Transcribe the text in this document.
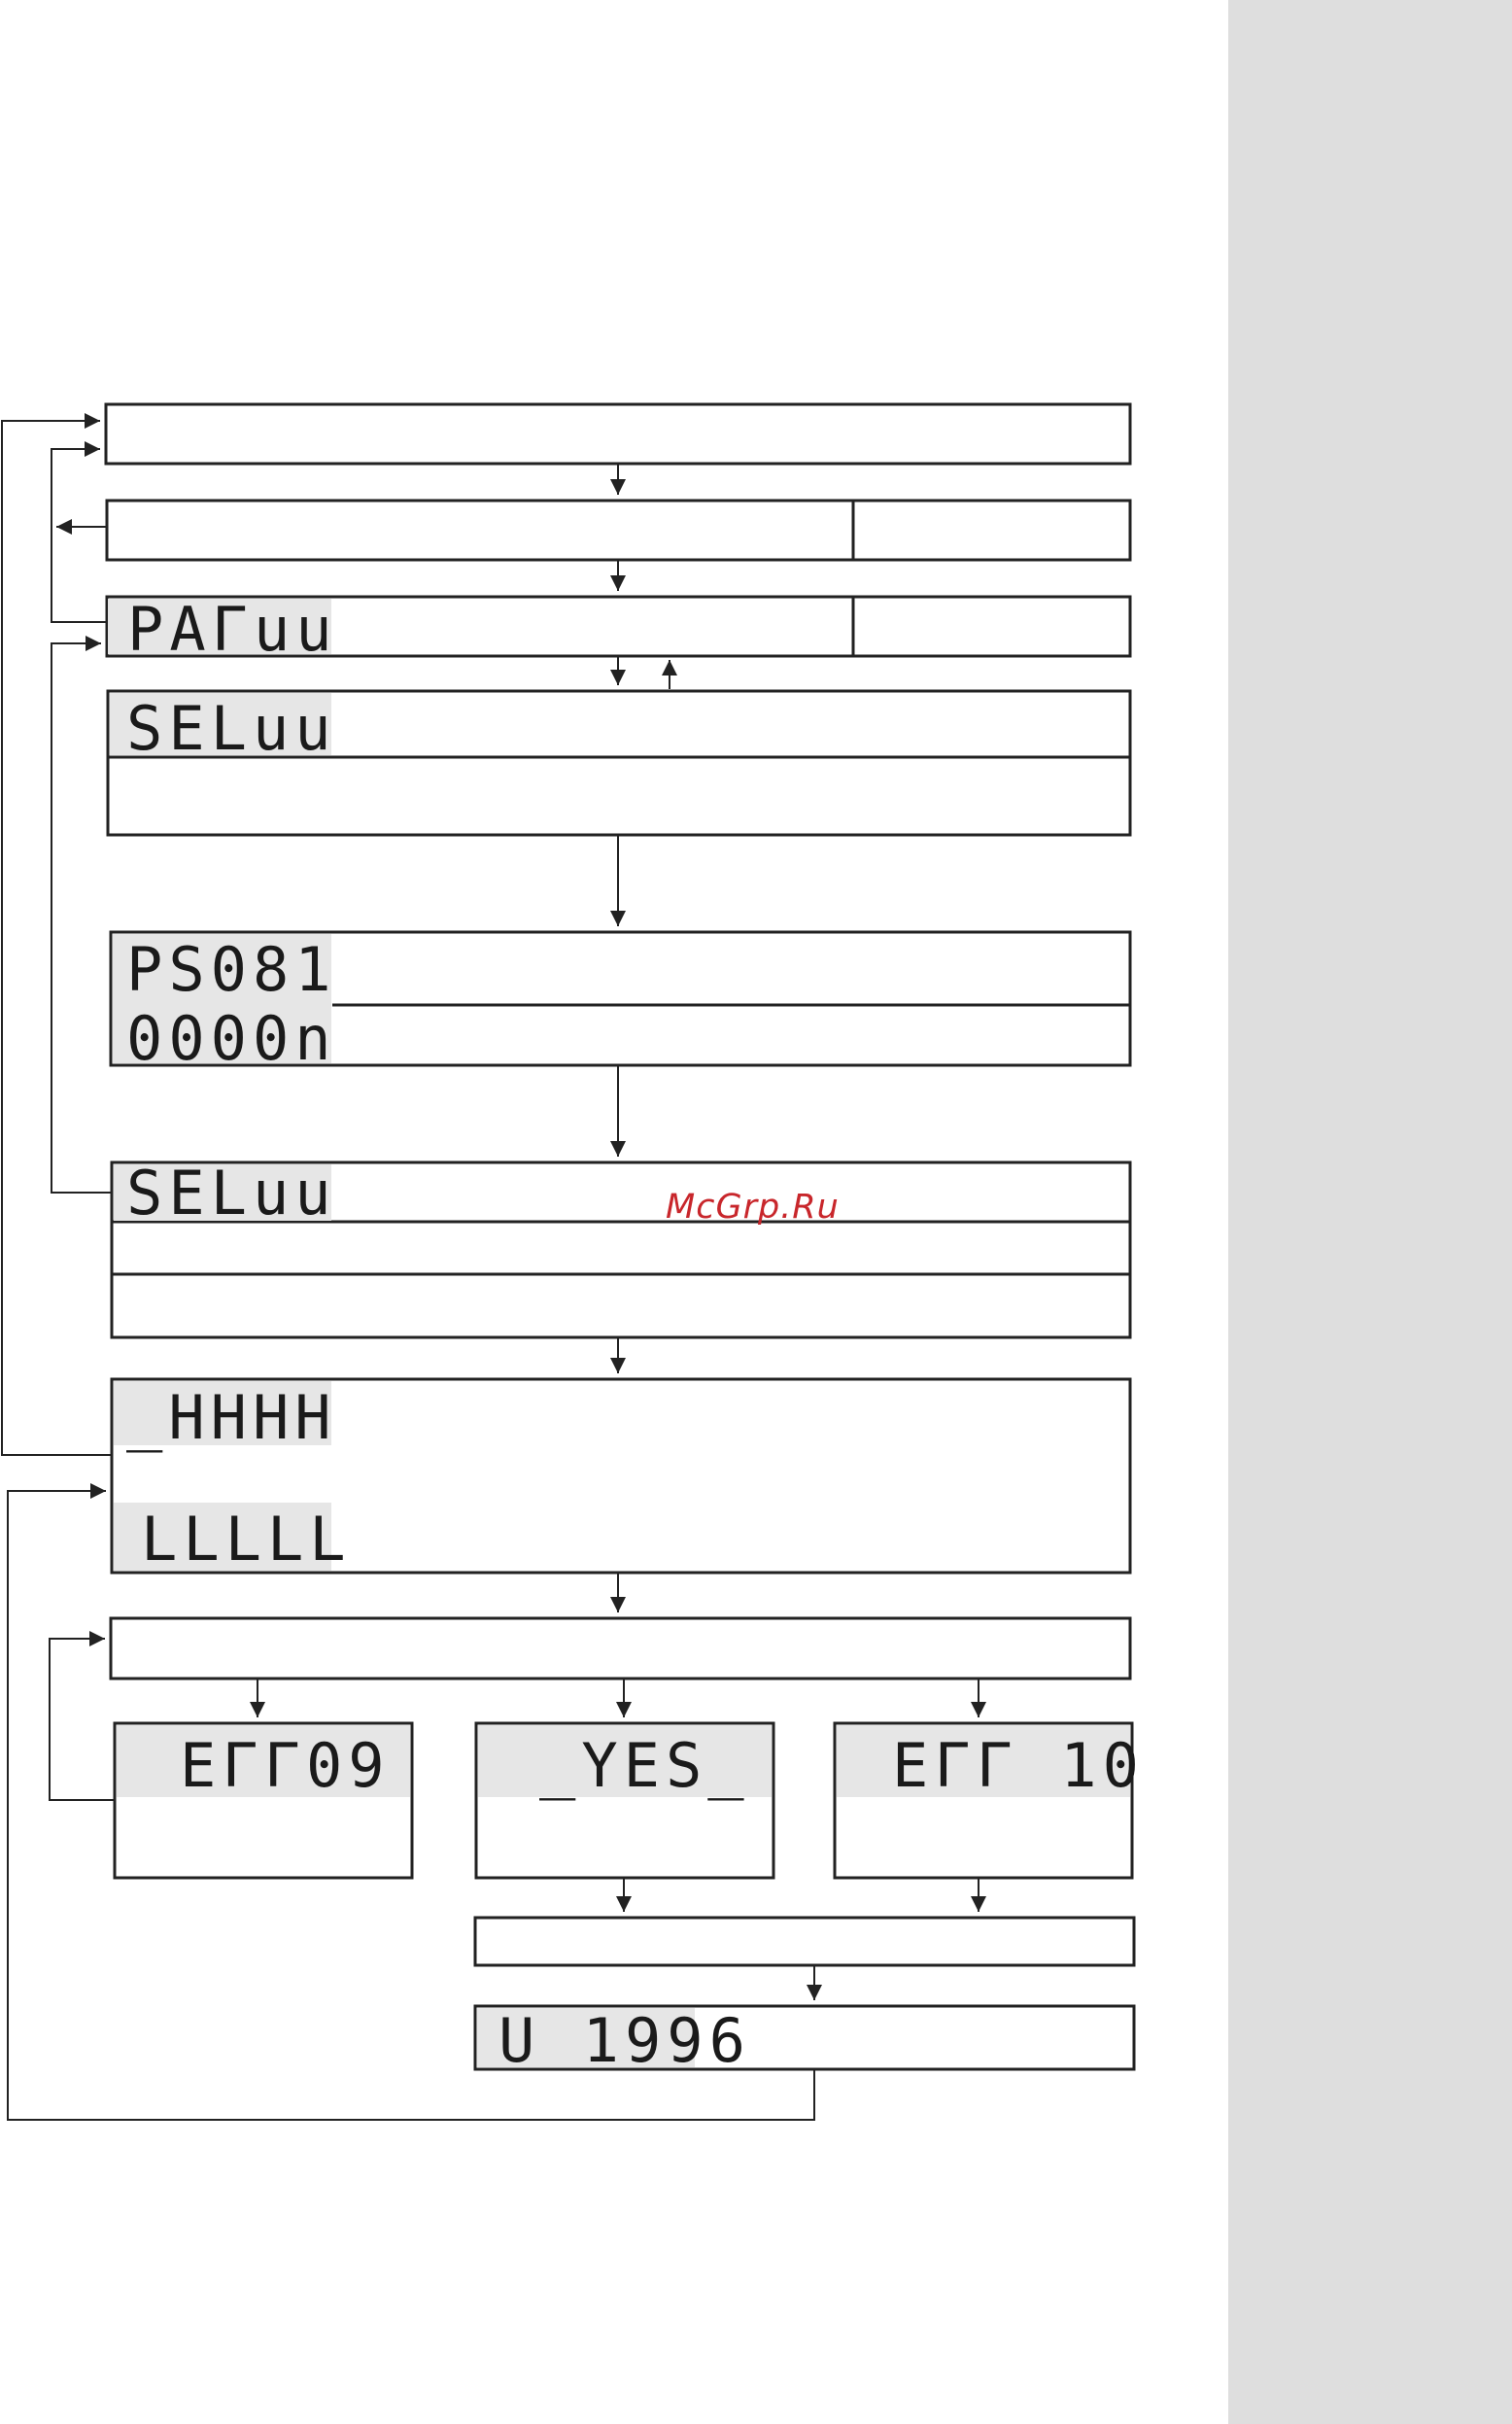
PAΓuu
SELuu
PS081
0000n
SELuu
_HHHH
LLLLL
EΓΓ09 _YES_ EΓΓ 10
U 1996
McGrp.Ru
